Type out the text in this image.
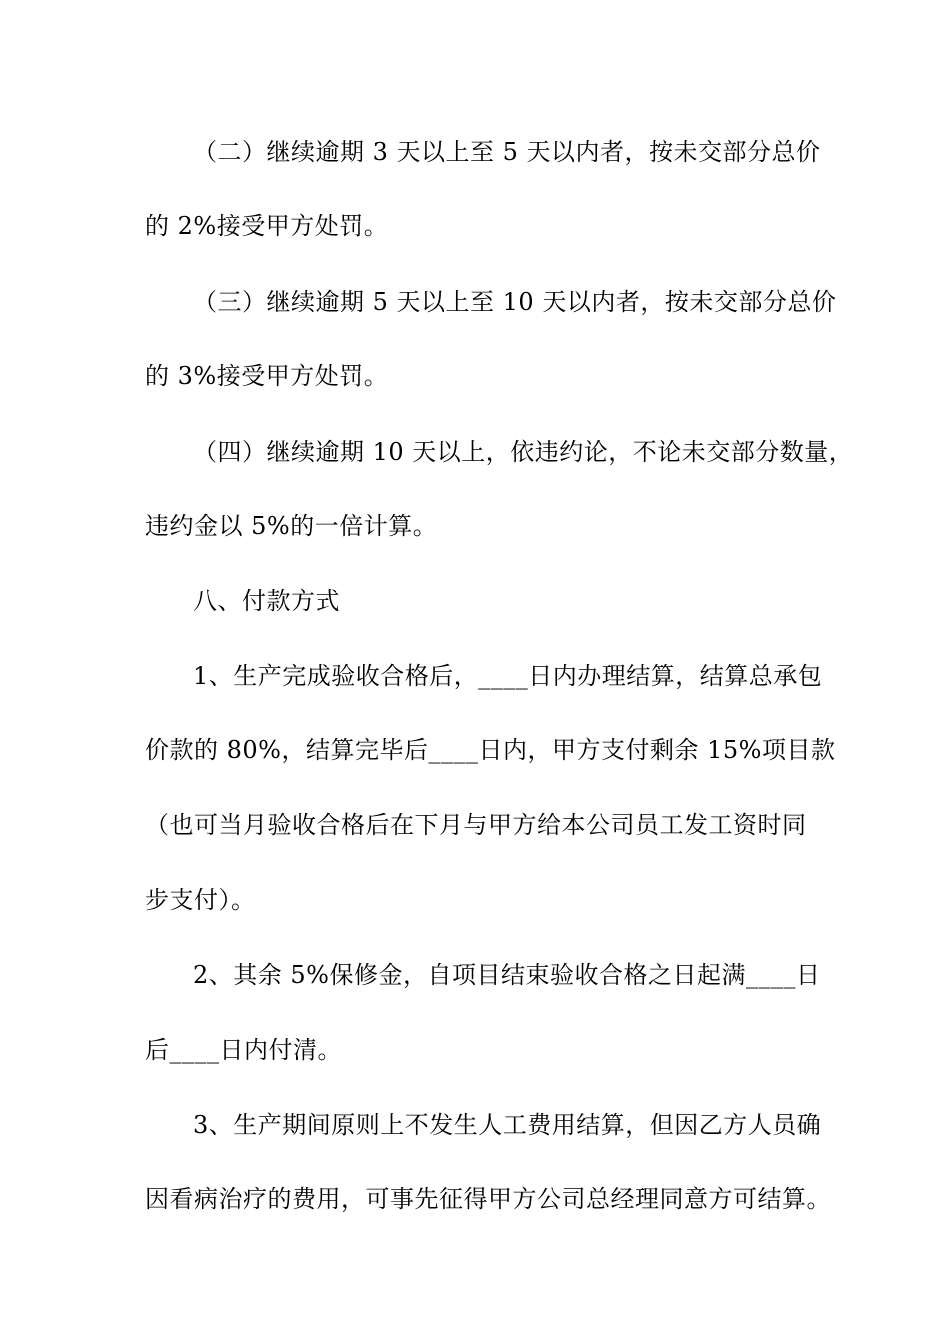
（二）继续逾期 3 天以上至 5 天以内者，按未交部分总价
的 2%接受甲方处罚。
（三）继续逾期 5 天以上至 10 天以内者，按未交部分总价
的 3%接受甲方处罚。
（四）继续逾期 10 天以上，依违约论，不论未交部分数量，
违约金以 5%的一倍计算。
八、付款方式
1、生产完成验收合格后，____日内办理结算，结算总承包
价款的 80%，结算完毕后____日内，甲方支付剩余 15%项目款
（也可当月验收合格后在下月与甲方给本公司员工发工资时同
步支付）。
2、其余 5%保修金，自项目结束验收合格之日起满____日
后____日内付清。
3、生产期间原则上不发生人工费用结算，但因乙方人员确
因看病治疗的费用，可事先征得甲方公司总经理同意方可结算。
